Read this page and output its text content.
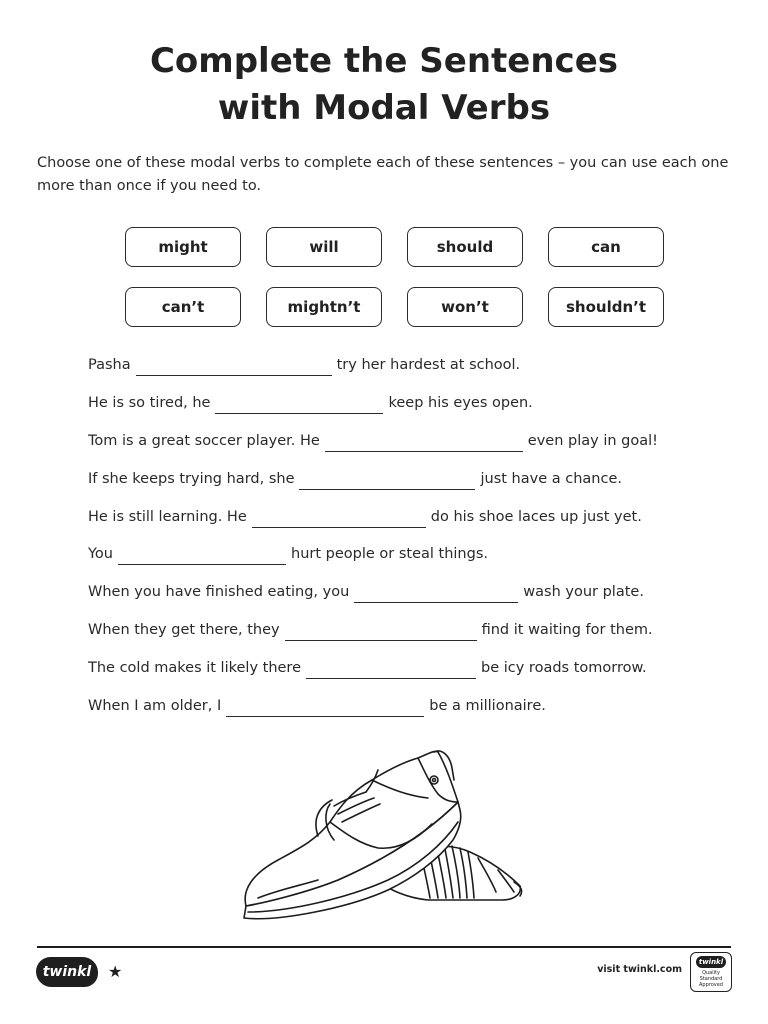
Complete the Sentences
with Modal Verbs
Choose one of these modal verbs to complete each of these sentences – you can use each one more than once if you need to.
might	will	should	can
can’t	mightn’t	won’t	shouldn’t
Pasha	try her hardest at school.
He is so tired, he	keep his eyes open.
Tom is a great soccer player. He	even play in goal!
If she keeps trying hard, she	just have a chance.
He is still learning. He	do his shoe laces up just yet.
You	hurt people or steal things.
When you have finished eating, you	wash your plate.
When they get there, they	find it waiting for them.
The cold makes it likely there	be icy roads tomorrow.
When I am older, I	be a millionaire.
twinkl ★	visit twinkl.com
twinkl
Quality Standard Approved
